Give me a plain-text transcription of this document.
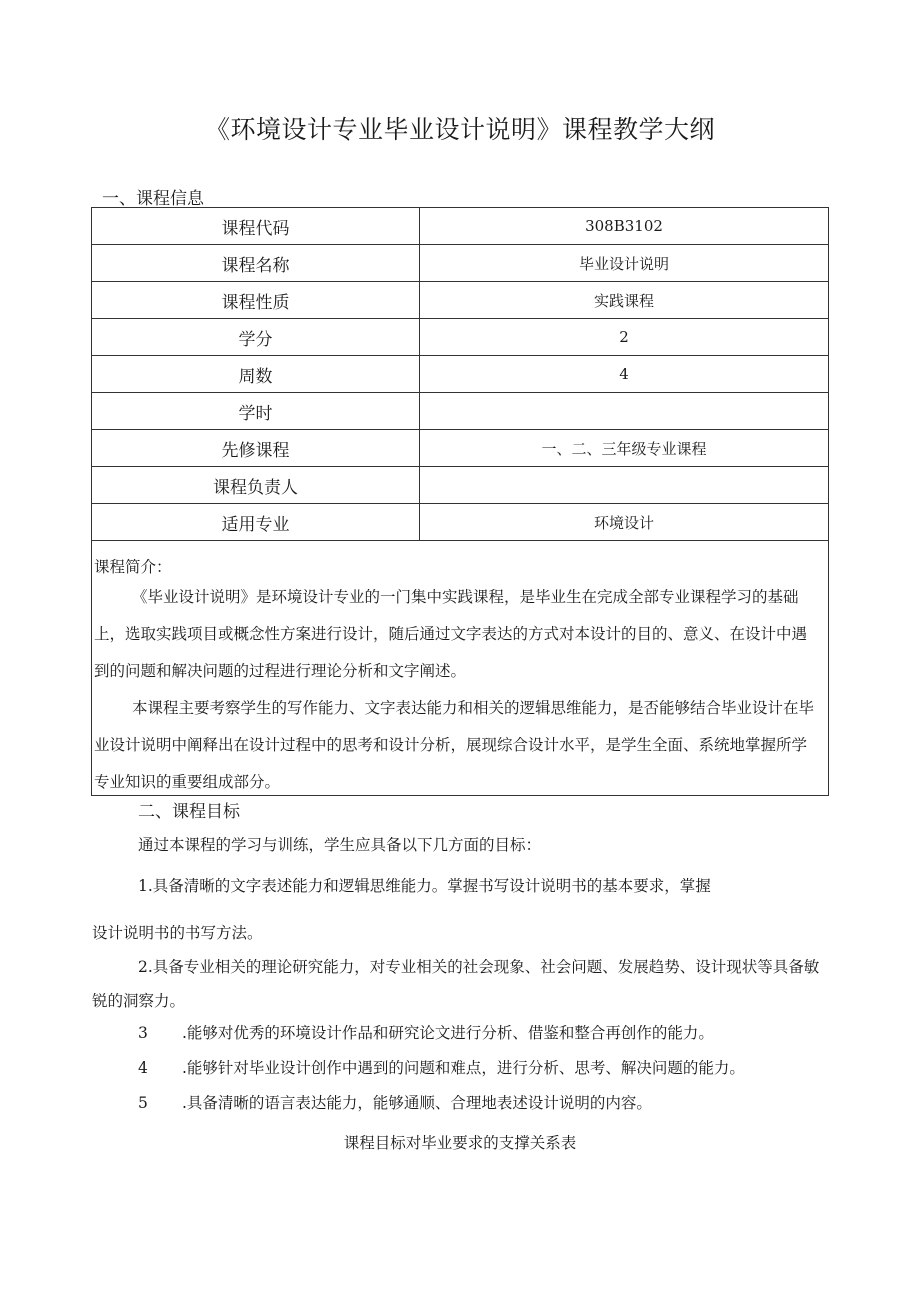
《环境设计专业毕业设计说明》课程教学大纲
一、课程信息
课程代码	308B3102
课程名称	毕业设计说明
课程性质	实践课程
学分	2
周数	4
学时	
先修课程	一、二、三年级专业课程
课程负责人	
适用专业	环境设计

课程简介：
《毕业设计说明》是环境设计专业的一门集中实践课程，是毕业生在完成全部专业课程学习的基础上，选取实践项目或概念性方案进行设计，随后通过文字表达的方式对本设计的目的、意义、在设计中遇到的问题和解决问题的过程进行理论分析和文字阐述。
本课程主要考察学生的写作能力、文字表达能力和相关的逻辑思维能力，是否能够结合毕业设计在毕业设计说明中阐释出在设计过程中的思考和设计分析，展现综合设计水平，是学生全面、系统地掌握所学专业知识的重要组成部分。	
二、课程目标
通过本课程的学习与训练，学生应具备以下几方面的目标：
1.具备清晰的文字表述能力和逻辑思维能力。掌握书写设计说明书的基本要求，掌握
设计说明书的书写方法。
2.具备专业相关的理论研究能力，对专业相关的社会现象、社会问题、发展趋势、设计现状等具备敏锐的洞察力。
3 .能够对优秀的环境设计作品和研究论文进行分析、借鉴和整合再创作的能力。
4 .能够针对毕业设计创作中遇到的问题和难点，进行分析、思考、解决问题的能力。
5 .具备清晰的语言表达能力，能够通顺、合理地表述设计说明的内容。
课程目标对毕业要求的支撑关系表
